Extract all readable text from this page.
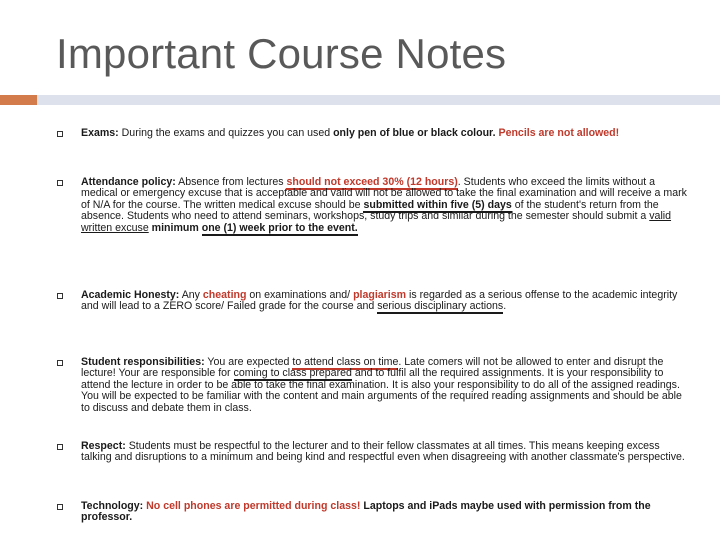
Important Course Notes
Exams: During the exams and quizzes you can used only pen of blue or black colour. Pencils are not allowed!
Attendance policy: Absence from lectures should not exceed 30% (12 hours). Students who exceed the limits without a medical or emergency excuse that is acceptable and valid will not be allowed to take the final examination and will receive a mark of N/A for the course. The written medical excuse should be submitted within five (5) days of the student's return from the absence. Students who need to attend seminars, workshops, study trips and similar during the semester should submit a valid written excuse minimum one (1) week prior to the event.
Academic Honesty: Any cheating on examinations and/ plagiarism is regarded as a serious offense to the academic integrity and will lead to a ZERO score/ Failed grade for the course and serious disciplinary actions.
Student responsibilities: You are expected to attend class on time. Late comers will not be allowed to enter and disrupt the lecture! Your are responsible for coming to class prepared and to fulfil all the required assignments. It is your responsibility to attend the lecture in order to be able to take the final examination. It is also your responsibility to do all of the assigned readings. You will be expected to be familiar with the content and main arguments of the required reading assignments and should be able to discuss and debate them in class.
Respect: Students must be respectful to the lecturer and to their fellow classmates at all times. This means keeping excess talking and disruptions to a minimum and being kind and respectful even when disagreeing with another classmate's perspective.
Technology: No cell phones are permitted during class! Laptops and iPads maybe used with permission from the professor.
